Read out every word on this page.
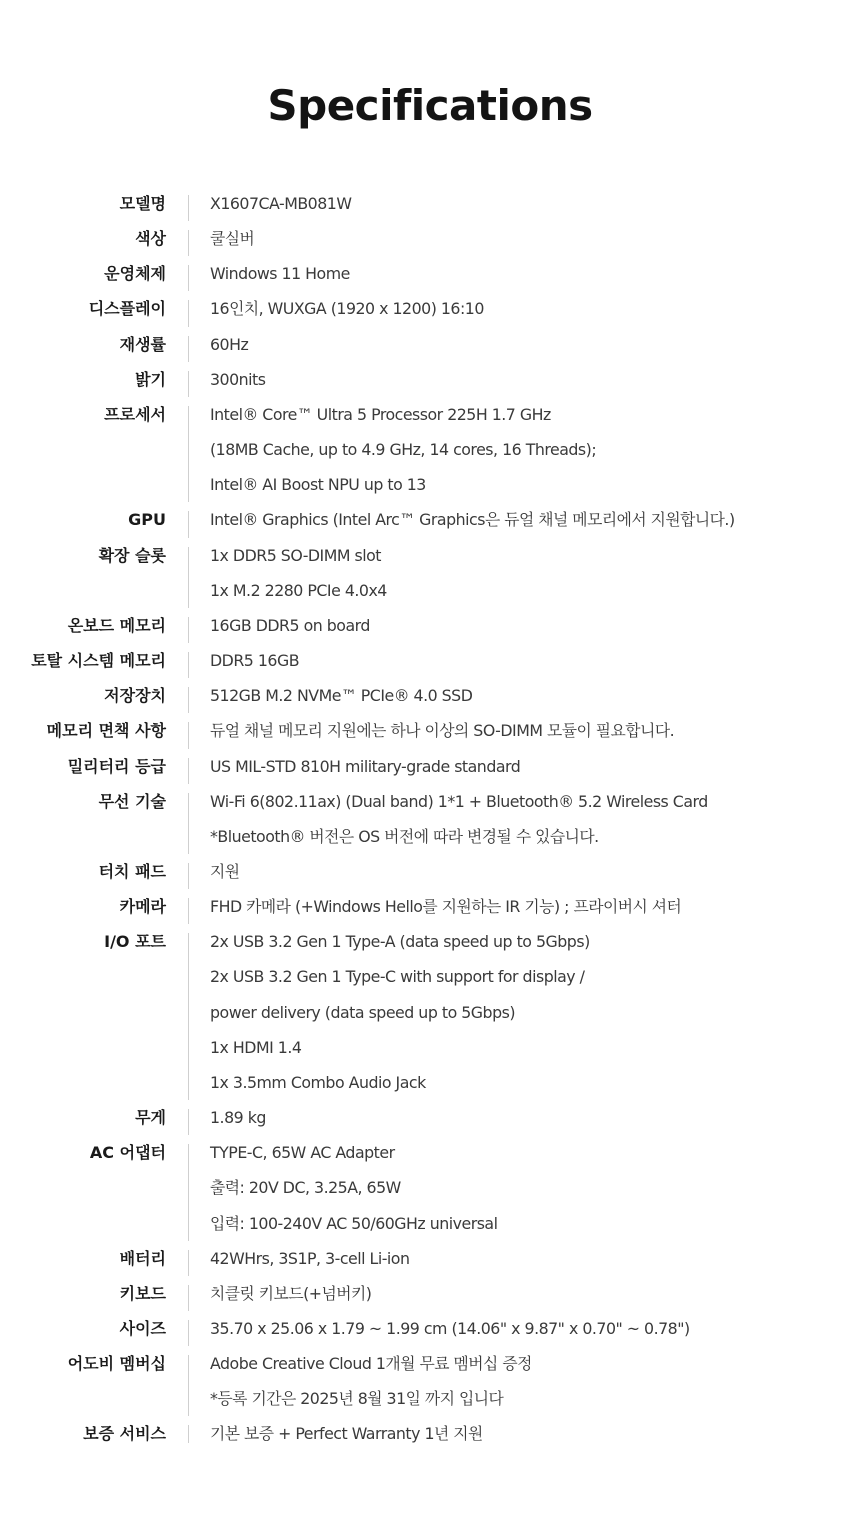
Specifications
모델명	X1607CA-MB081W
색상	쿨실버
운영체제	Windows 11 Home
디스플레이	16인치, WUXGA (1920 x 1200) 16:10
재생률	60Hz
밝기	300nits
프로세서	Intel® Core™ Ultra 5 Processor 225H 1.7 GHz
(18MB Cache, up to 4.9 GHz, 14 cores, 16 Threads);
Intel® AI Boost NPU up to 13
GPU	Intel® Graphics (Intel Arc™ Graphics은 듀얼 채널 메모리에서 지원합니다.)
확장 슬롯	1x DDR5 SO-DIMM slot
1x M.2 2280 PCIe 4.0x4
온보드 메모리	16GB DDR5 on board
토탈 시스템 메모리	DDR5 16GB
저장장치	512GB M.2 NVMe™ PCIe® 4.0 SSD
메모리 면책 사항	듀얼 채널 메모리 지원에는 하나 이상의 SO-DIMM 모듈이 필요합니다.
밀리터리 등급	US MIL-STD 810H military-grade standard
무선 기술	Wi-Fi 6(802.11ax) (Dual band) 1*1 + Bluetooth® 5.2 Wireless Card
*Bluetooth® 버전은 OS 버전에 따라 변경될 수 있습니다.
터치 패드	지원
카메라	FHD 카메라 (+Windows Hello를 지원하는 IR 기능) ; 프라이버시 셔터
I/O 포트	2x USB 3.2 Gen 1 Type-A (data speed up to 5Gbps)
2x USB 3.2 Gen 1 Type-C with support for display /
power delivery (data speed up to 5Gbps)
1x HDMI 1.4
1x 3.5mm Combo Audio Jack
무게	1.89 kg
AC 어댑터	TYPE-C, 65W AC Adapter
출력: 20V DC, 3.25A, 65W
입력: 100-240V AC 50/60GHz universal
배터리	42WHrs, 3S1P, 3-cell Li-ion
키보드	치클릿 키보드(+넘버키)
사이즈	35.70 x 25.06 x 1.79 ~ 1.99 cm (14.06" x 9.87" x 0.70" ~ 0.78")
어도비 멤버십	Adobe Creative Cloud 1개월 무료 멤버십 증정
*등록 기간은 2025년 8월 31일 까지 입니다
보증 서비스	기본 보증 + Perfect Warranty 1년 지원
